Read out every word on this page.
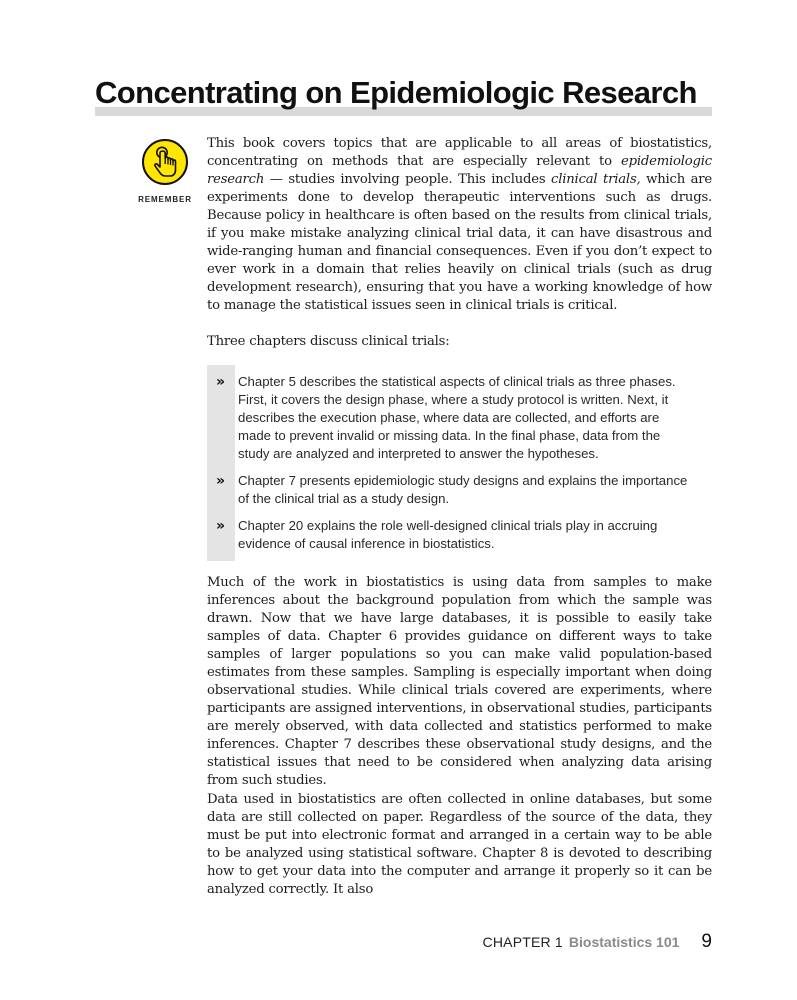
Concentrating on Epidemiologic Research
REMEMBER

This book covers topics that are applicable to all areas of biostatistics, concentrating on methods that are especially relevant to epidemiologic research — studies involving people. This includes clinical trials, which are experiments done to develop therapeutic interventions such as drugs. Because policy in healthcare is often based on the results from clinical trials, if you make mistake analyzing clinical trial data, it can have disastrous and wide-ranging human and financial consequences. Even if you don’t expect to ever work in a domain that relies heavily on clinical trials (such as drug development research), ensuring that you have a working knowledge of how to manage the statistical issues seen in clinical trials is critical.

Three chapters discuss clinical trials:

» Chapter 5 describes the statistical aspects of clinical trials as three phases. First, it covers the design phase, where a study protocol is written. Next, it describes the execution phase, where data are collected, and efforts are made to prevent invalid or missing data. In the final phase, data from the study are analyzed and interpreted to answer the hypotheses.
» Chapter 7 presents epidemiologic study designs and explains the importance of the clinical trial as a study design.
» Chapter 20 explains the role well-designed clinical trials play in accruing evidence of causal inference in biostatistics.

Much of the work in biostatistics is using data from samples to make inferences about the background population from which the sample was drawn. Now that we have large databases, it is possible to easily take samples of data. Chapter 6 provides guidance on different ways to take samples of larger populations so you can make valid population-based estimates from these samples. Sampling is especially important when doing observational studies. While clinical trials covered are experiments, where participants are assigned interventions, in observational studies, participants are merely observed, with data collected and statistics performed to make inferences. Chapter 7 describes these observational study designs, and the statistical issues that need to be considered when analyzing data arising from such studies.

Data used in biostatistics are often collected in online databases, but some data are still collected on paper. Regardless of the source of the data, they must be put into electronic format and arranged in a certain way to be able to be analyzed using statistical software. Chapter 8 is devoted to describing how to get your data into the computer and arrange it properly so it can be analyzed correctly. It also

CHAPTER 1 Biostatistics 101 9
